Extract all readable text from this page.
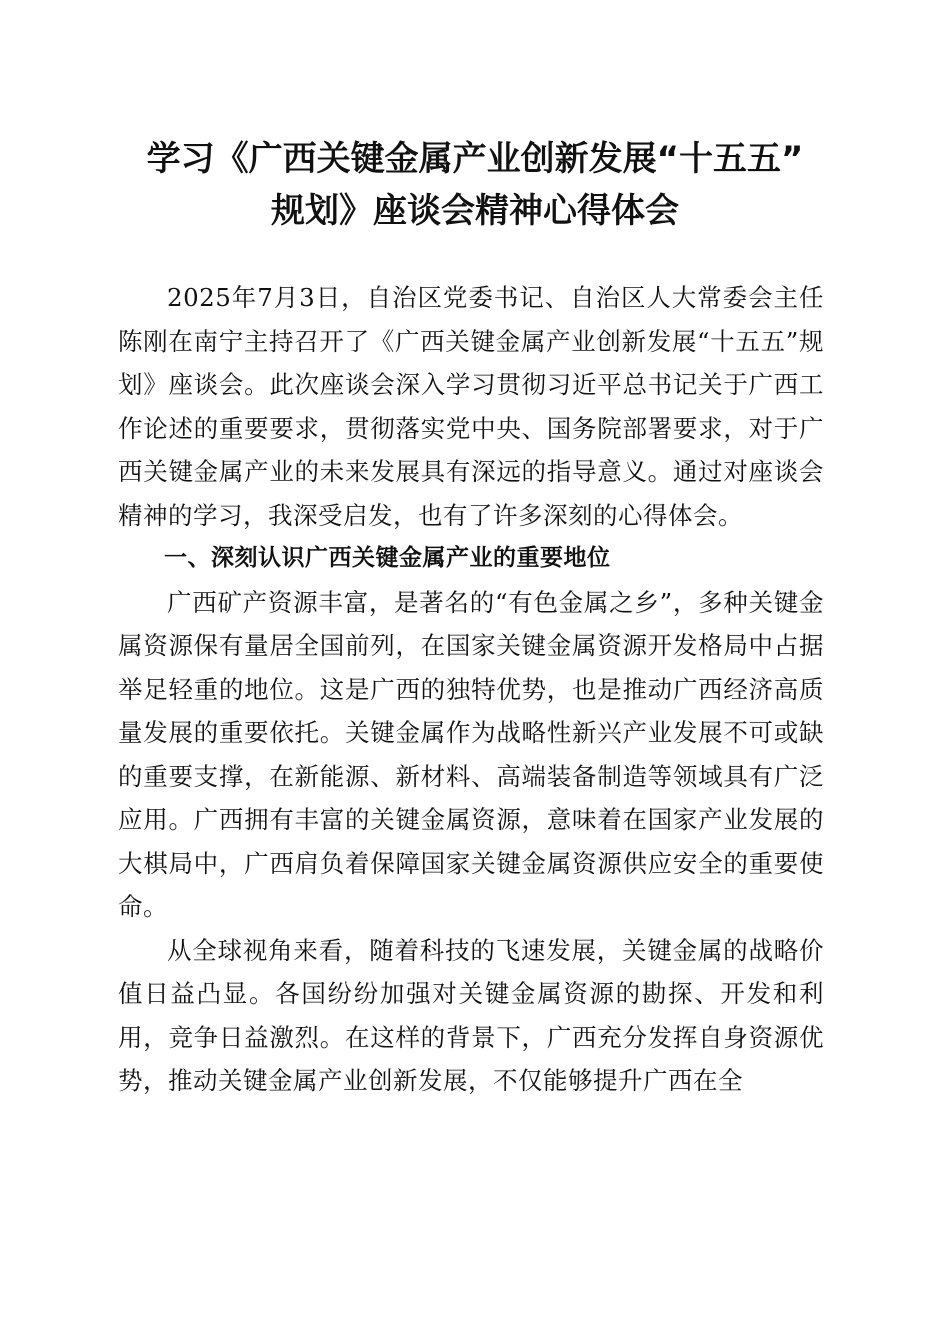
学习《广西关键金属产业创新发展“十五五”
规划》座谈会精神心得体会

2025年7月3日，自治区党委书记、自治区人大常委会主任陈刚在南宁主持召开了《广西关键金属产业创新发展“十五五”规划》座谈会。此次座谈会深入学习贯彻习近平总书记关于广西工作论述的重要要求，贯彻落实党中央、国务院部署要求，对于广西关键金属产业的未来发展具有深远的指导意义。通过对座谈会精神的学习，我深受启发，也有了许多深刻的心得体会。

一、深刻认识广西关键金属产业的重要地位

广西矿产资源丰富，是著名的“有色金属之乡”，多种关键金属资源保有量居全国前列，在国家关键金属资源开发格局中占据举足轻重的地位。这是广西的独特优势，也是推动广西经济高质量发展的重要依托。关键金属作为战略性新兴产业发展不可或缺的重要支撑，在新能源、新材料、高端装备制造等领域具有广泛应用。广西拥有丰富的关键金属资源，意味着在国家产业发展的大棋局中，广西肩负着保障国家关键金属资源供应安全的重要使命。

从全球视角来看，随着科技的飞速发展，关键金属的战略价值日益凸显。各国纷纷加强对关键金属资源的勘探、开发和利用，竞争日益激烈。在这样的背景下，广西充分发挥自身资源优势，推动关键金属产业创新发展，不仅能够提升广西在全
